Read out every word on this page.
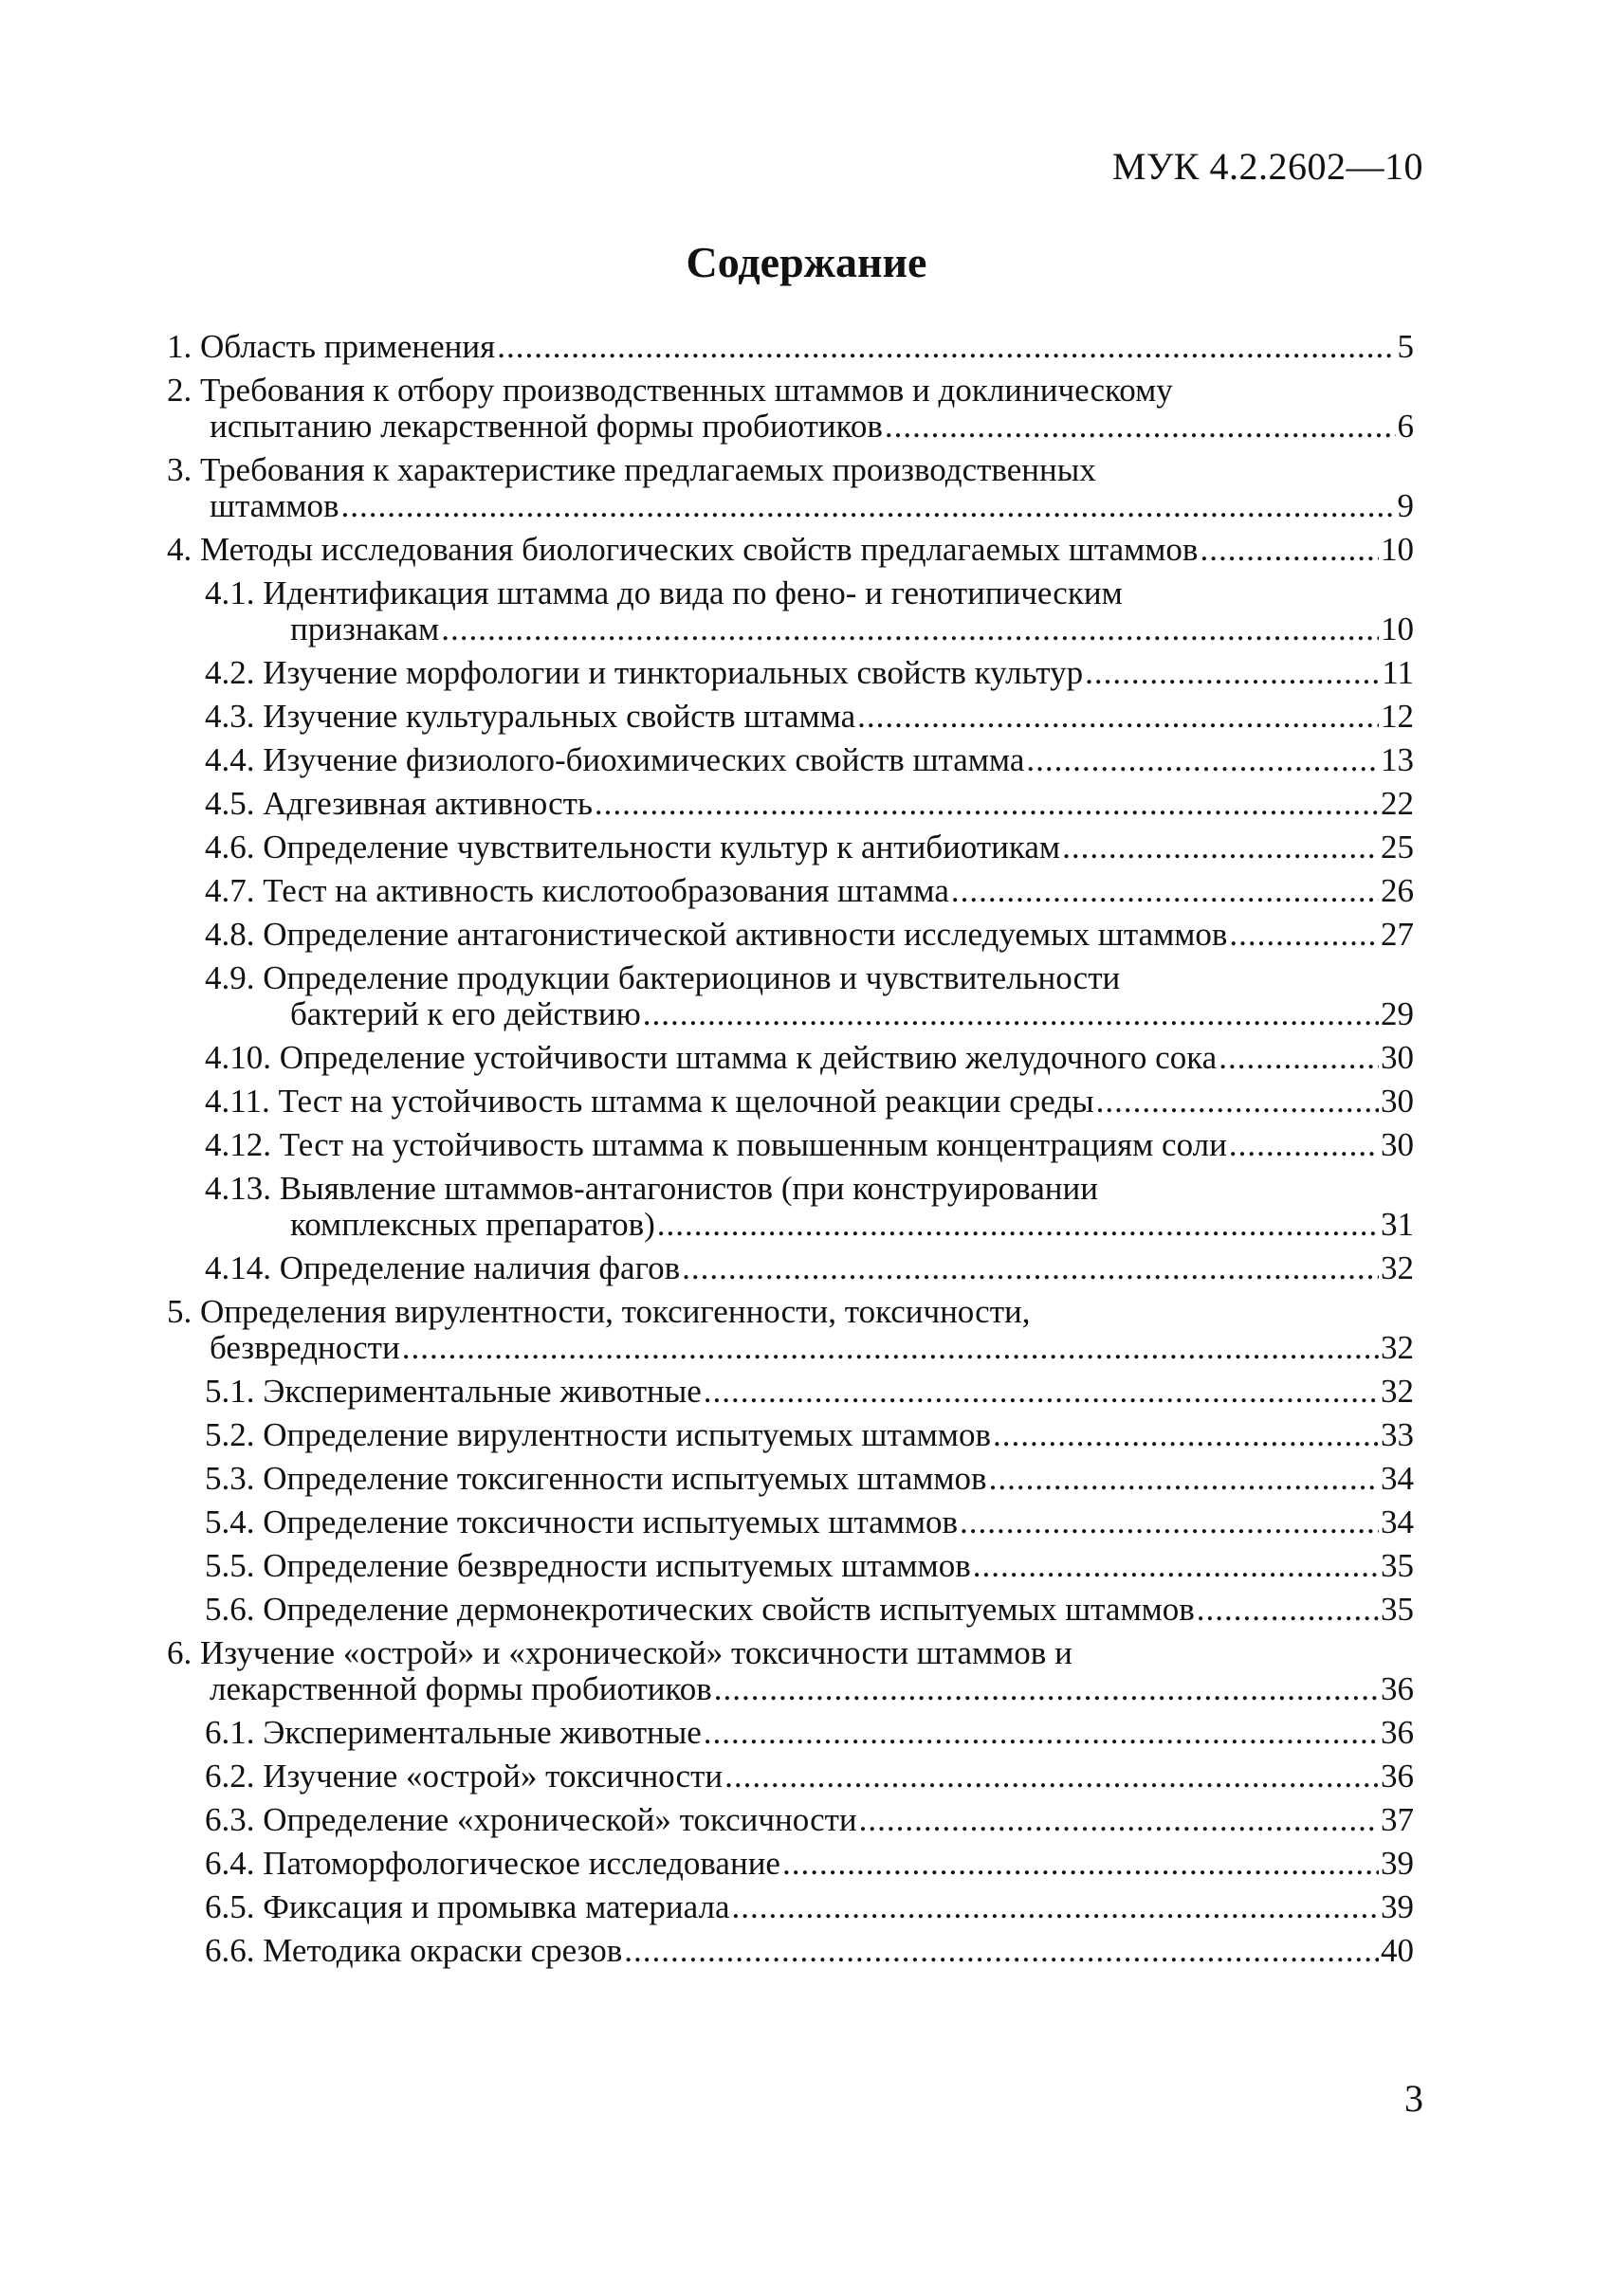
МУК 4.2.2602—10
Содержание
1. Область применения .....	5
2. Требования к отбору производственных штаммов и доклиническому
испытанию лекарственной формы пробиотиков .....	6
3. Требования к характеристике предлагаемых производственных
штаммов .....	9
4. Методы исследования биологических свойств предлагаемых штаммов .....	10
4.1. Идентификация штамма до вида по фено- и генотипическим
признакам .....	10
4.2. Изучение морфологии и тинкториальных свойств культур .....	11
4.3. Изучение культуральных свойств штамма .....	12
4.4. Изучение физиолого-биохимических свойств штамма .....	13
4.5. Адгезивная активность .....	22
4.6. Определение чувствительности культур к антибиотикам .....	25
4.7. Тест на активность кислотообразования штамма .....	26
4.8. Определение антагонистической активности исследуемых штаммов .....	27
4.9. Определение продукции бактериоцинов и чувствительности
бактерий к его действию .....	29
4.10. Определение устойчивости штамма к действию желудочного сока .....	30
4.11. Тест на устойчивость штамма к щелочной реакции среды .....	30
4.12. Тест на устойчивость штамма к повышенным концентрациям соли .....	30
4.13. Выявление штаммов-антагонистов (при конструировании
комплексных препаратов) .....	31
4.14. Определение наличия фагов .....	32
5. Определения вирулентности, токсигенности, токсичности,
безвредности .....	32
5.1. Экспериментальные животные .....	32
5.2. Определение вирулентности испытуемых штаммов .....	33
5.3. Определение токсигенности испытуемых штаммов .....	34
5.4. Определение токсичности испытуемых штаммов .....	34
5.5. Определение безвредности испытуемых штаммов .....	35
5.6. Определение дермонекротических свойств испытуемых штаммов .....	35
6. Изучение «острой» и «хронической» токсичности штаммов и
лекарственной формы пробиотиков .....	36
6.1. Экспериментальные животные .....	36
6.2. Изучение «острой» токсичности .....	36
6.3. Определение «хронической» токсичности .....	37
6.4. Патоморфологическое исследование .....	39
6.5. Фиксация и промывка материала .....	39
6.6. Методика окраски срезов .....	40
3
